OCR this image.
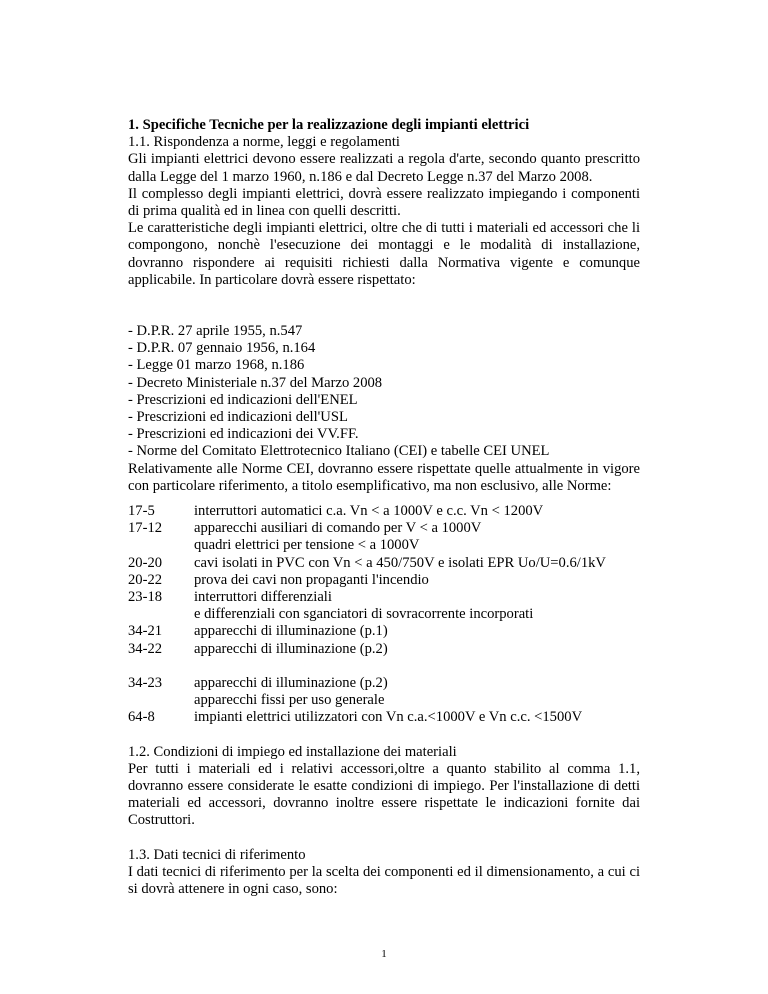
1. Specifiche Tecniche per la realizzazione degli impianti elettrici
1.1. Rispondenza a norme, leggi e regolamenti
Gli impianti elettrici devono essere realizzati a regola d'arte, secondo quanto prescritto dalla Legge del 1 marzo 1960, n.186 e dal Decreto Legge n.37 del Marzo 2008.
Il complesso degli impianti elettrici, dovrà essere realizzato impiegando i componenti di prima qualità ed in linea con quelli descritti.
Le caratteristiche degli impianti elettrici, oltre che di tutti i materiali ed accessori che li compongono, nonchè l'esecuzione dei montaggi e le modalità di installazione, dovranno rispondere ai requisiti richiesti dalla Normativa vigente e comunque applicabile. In particolare dovrà essere rispettato:
- D.P.R. 27 aprile 1955, n.547
- D.P.R. 07 gennaio 1956, n.164
- Legge 01 marzo 1968, n.186
- Decreto Ministeriale n.37 del Marzo 2008
- Prescrizioni ed indicazioni dell'ENEL
- Prescrizioni ed indicazioni dell'USL
- Prescrizioni ed indicazioni dei VV.FF.
- Norme del Comitato Elettrotecnico Italiano (CEI) e tabelle CEI UNEL
Relativamente alle Norme CEI, dovranno essere rispettate quelle attualmente in vigore con particolare riferimento, a titolo esemplificativo, ma non esclusivo, alle Norme:
17-5	interruttori automatici c.a. Vn < a 1000V e c.c. Vn < 1200V
17-12	apparecchi ausiliari di comando per V < a 1000V
quadri elettrici per tensione < a 1000V
20-20	cavi isolati in PVC con Vn < a 450/750V e isolati EPR Uo/U=0.6/1kV
20-22	prova dei cavi non propaganti l'incendio
23-18	interruttori differenziali
e differenziali con sganciatori di sovracorrente incorporati
34-21	apparecchi di illuminazione (p.1)
34-22	apparecchi di illuminazione (p.2)
34-23	apparecchi di illuminazione (p.2)
apparecchi fissi per uso generale
64-8	impianti elettrici utilizzatori con Vn c.a.<1000V e Vn c.c. <1500V
1.2. Condizioni di impiego ed installazione dei materiali
Per tutti i materiali ed i relativi accessori,oltre a quanto stabilito al comma 1.1, dovranno essere considerate le esatte condizioni di impiego. Per l'installazione di detti materiali ed accessori, dovranno inoltre essere rispettate le indicazioni fornite dai Costruttori.
1.3. Dati tecnici di riferimento
I dati tecnici di riferimento per la scelta dei componenti ed il dimensionamento, a cui ci si dovrà attenere in ogni caso, sono:
1
